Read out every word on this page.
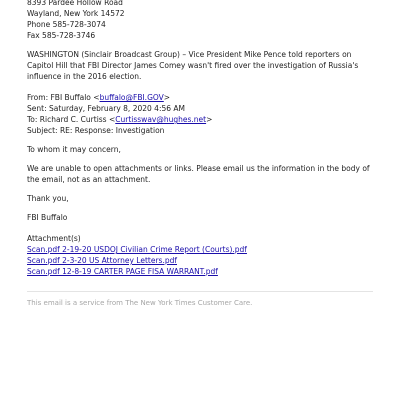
8393 Pardee Hollow Road
Wayland, New York 14572
Phone 585-728-3074
Fax 585-728-3746
WASHINGTON (Sinclair Broadcast Group) – Vice President Mike Pence told reporters on Capitol Hill that FBI Director James Comey wasn't fired over the investigation of Russia's influence in the 2016 election.
From: FBI Buffalo <buffalo@FBI.GOV>
Sent: Saturday, February 8, 2020 4:56 AM
To: Richard C. Curtiss <Curtisswav@hughes.net>
Subject: RE: Response: Investigation
To whom it may concern,
We are unable to open attachments or links. Please email us the information in the body of the email, not as an attachment.
Thank you,
FBI Buffalo
Attachment(s)
Scan.pdf 2-19-20 USDOJ Civilian Crime Report (Courts).pdf
Scan.pdf 2-3-20 US Attorney Letters.pdf
Scan.pdf 12-8-19 CARTER PAGE FISA WARRANT.pdf
This email is a service from The New York Times Customer Care.
